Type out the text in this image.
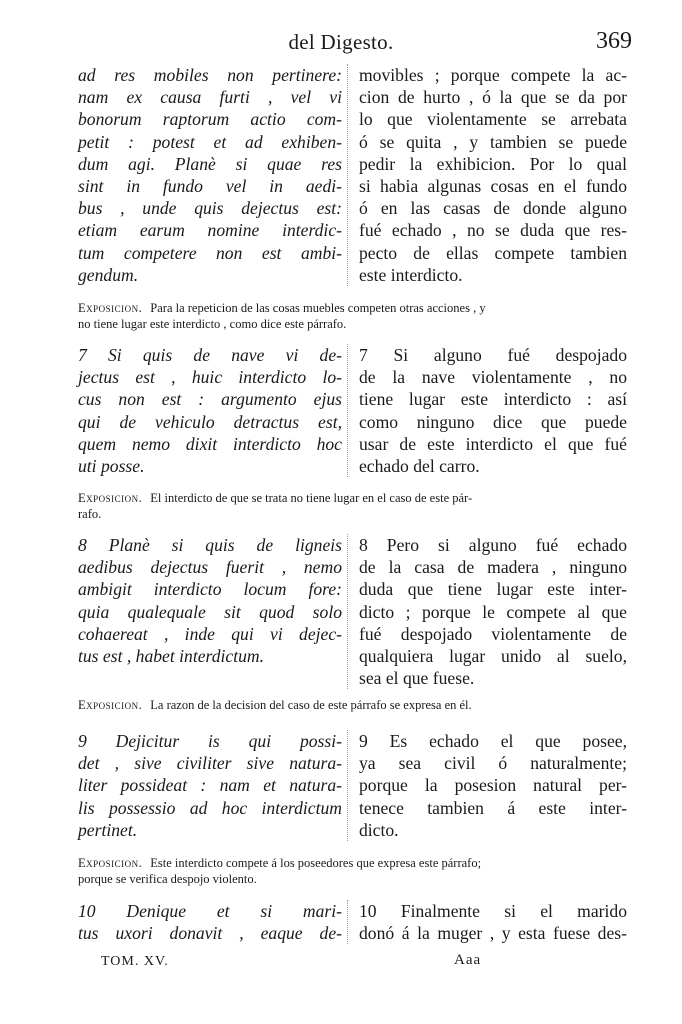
del Digesto.	369
ad res mobiles non pertinere:
nam ex causa furti , vel vi
bonorum raptorum actio com-
petit : potest et ad exhiben-
dum agi. Planè si quae res
sint in fundo vel in aedi-
bus , unde quis dejectus est:
etiam earum nomine interdic-
tum competere non est ambi-
gendum.
movibles ; porque compete la ac-
cion de hurto , ó la que se da por
lo que violentamente se arrebata
ó se quita , y tambien se puede
pedir la exhibicion. Por lo qual
si habia algunas cosas en el fundo
ó en las casas de donde alguno
fué echado , no se duda que res-
pecto de ellas compete tambien
este interdicto.
Exposicion. Para la repeticion de las cosas muebles competen otras acciones , y
no tiene lugar este interdicto , como dice este párrafo.
7 Si quis de nave vi de-
jectus est , huic interdicto lo-
cus non est : argumento ejus
qui de vehiculo detractus est,
quem nemo dixit interdicto hoc
uti posse.
7 Si alguno fué despojado
de la nave violentamente , no
tiene lugar este interdicto : así
como ninguno dice que puede
usar de este interdicto el que fué
echado del carro.
Exposicion. El interdicto de que se trata no tiene lugar en el caso de este pár-
rafo.
8 Planè si quis de ligneis
aedibus dejectus fuerit , nemo
ambigit interdicto locum fore:
quia qualequale sit quod solo
cohaereat , inde qui vi dejec-
tus est , habet interdictum.
8 Pero si alguno fué echado
de la casa de madera , ninguno
duda que tiene lugar este inter-
dicto ; porque le compete al que
fué despojado violentamente de
qualquiera lugar unido al suelo,
sea el que fuese.
Exposicion. La razon de la decision del caso de este párrafo se expresa en él.
9 Dejicitur is qui possi-
det , sive civiliter sive natura-
liter possideat : nam et natura-
lis possessio ad hoc interdictum
pertinet.
9 Es echado el que posee,
ya sea civil ó naturalmente;
porque la posesion natural per-
tenece tambien á este inter-
dicto.
Exposicion. Este interdicto compete á los poseedores que expresa este párrafo;
porque se verifica despojo violento.
10 Denique et si mari-
tus uxori donavit , eaque de-
10 Finalmente si el marido
donó á la muger , y esta fuese des-
TOM. XV.	Aaa
